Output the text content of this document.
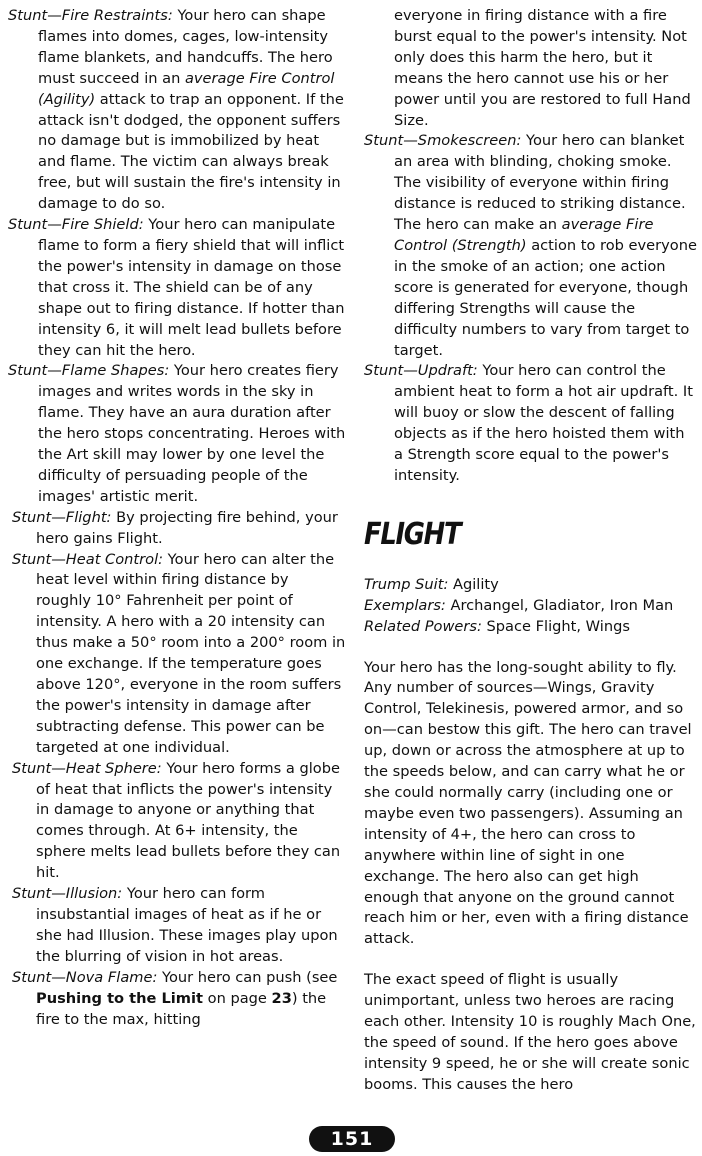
Stunt—Fire Restraints: Your hero can shape flames into domes, cages, low-intensity flame blankets, and handcuffs. The hero must succeed in an average Fire Control (Agility) attack to trap an opponent. If the attack isn't dodged, the opponent suffers no damage but is immobilized by heat and flame. The victim can always break free, but will sustain the fire's intensity in damage to do so.

Stunt—Fire Shield: Your hero can manipulate flame to form a fiery shield that will inflict the power's intensity in damage on those that cross it. The shield can be of any shape out to firing distance. If hotter than intensity 6, it will melt lead bullets before they can hit the hero.

Stunt—Flame Shapes: Your hero creates fiery images and writes words in the sky in flame. They have an aura duration after the hero stops concentrating. Heroes with the Art skill may lower by one level the difficulty of persuading people of the images' artistic merit.

Stunt—Flight: By projecting fire behind, your hero gains Flight.

Stunt—Heat Control: Your hero can alter the heat level within firing distance by roughly 10° Fahrenheit per point of intensity. A hero with a 20 intensity can thus make a 50° room into a 200° room in one exchange. If the temperature goes above 120°, everyone in the room suffers the power's intensity in damage after subtracting defense. This power can be targeted at one individual.

Stunt—Heat Sphere: Your hero forms a globe of heat that inflicts the power's intensity in damage to anyone or anything that comes through. At 6+ intensity, the sphere melts lead bullets before they can hit.

Stunt—Illusion: Your hero can form insubstantial images of heat as if he or she had Illusion. These images play upon the blurring of vision in hot areas.

Stunt—Nova Flame: Your hero can push (see Pushing to the Limit on page 23) the fire to the max, hitting

everyone in firing distance with a fire burst equal to the power's intensity. Not only does this harm the hero, but it means the hero cannot use his or her power until you are restored to full Hand Size.

Stunt—Smokescreen: Your hero can blanket an area with blinding, choking smoke. The visibility of everyone within firing distance is reduced to striking distance. The hero can make an average Fire Control (Strength) action to rob everyone in the smoke of an action; one action score is generated for everyone, though differing Strengths will cause the difficulty numbers to vary from target to target.

Stunt—Updraft: Your hero can control the ambient heat to form a hot air updraft. It will buoy or slow the descent of falling objects as if the hero hoisted them with a Strength score equal to the power's intensity.

FLIGHT

Trump Suit: Agility

Exemplars: Archangel, Gladiator, Iron Man

Related Powers: Space Flight, Wings

Your hero has the long-sought ability to fly. Any number of sources—Wings, Gravity Control, Telekinesis, powered armor, and so on—can bestow this gift. The hero can travel up, down or across the atmosphere at up to the speeds below, and can carry what he or she could normally carry (including one or maybe even two passengers). Assuming an intensity of 4+, the hero can cross to anywhere within line of sight in one exchange. The hero also can get high enough that anyone on the ground cannot reach him or her, even with a firing distance attack.

The exact speed of flight is usually unimportant, unless two heroes are racing each other. Intensity 10 is roughly Mach One, the speed of sound. If the hero goes above intensity 9 speed, he or she will create sonic booms. This causes the hero

151
